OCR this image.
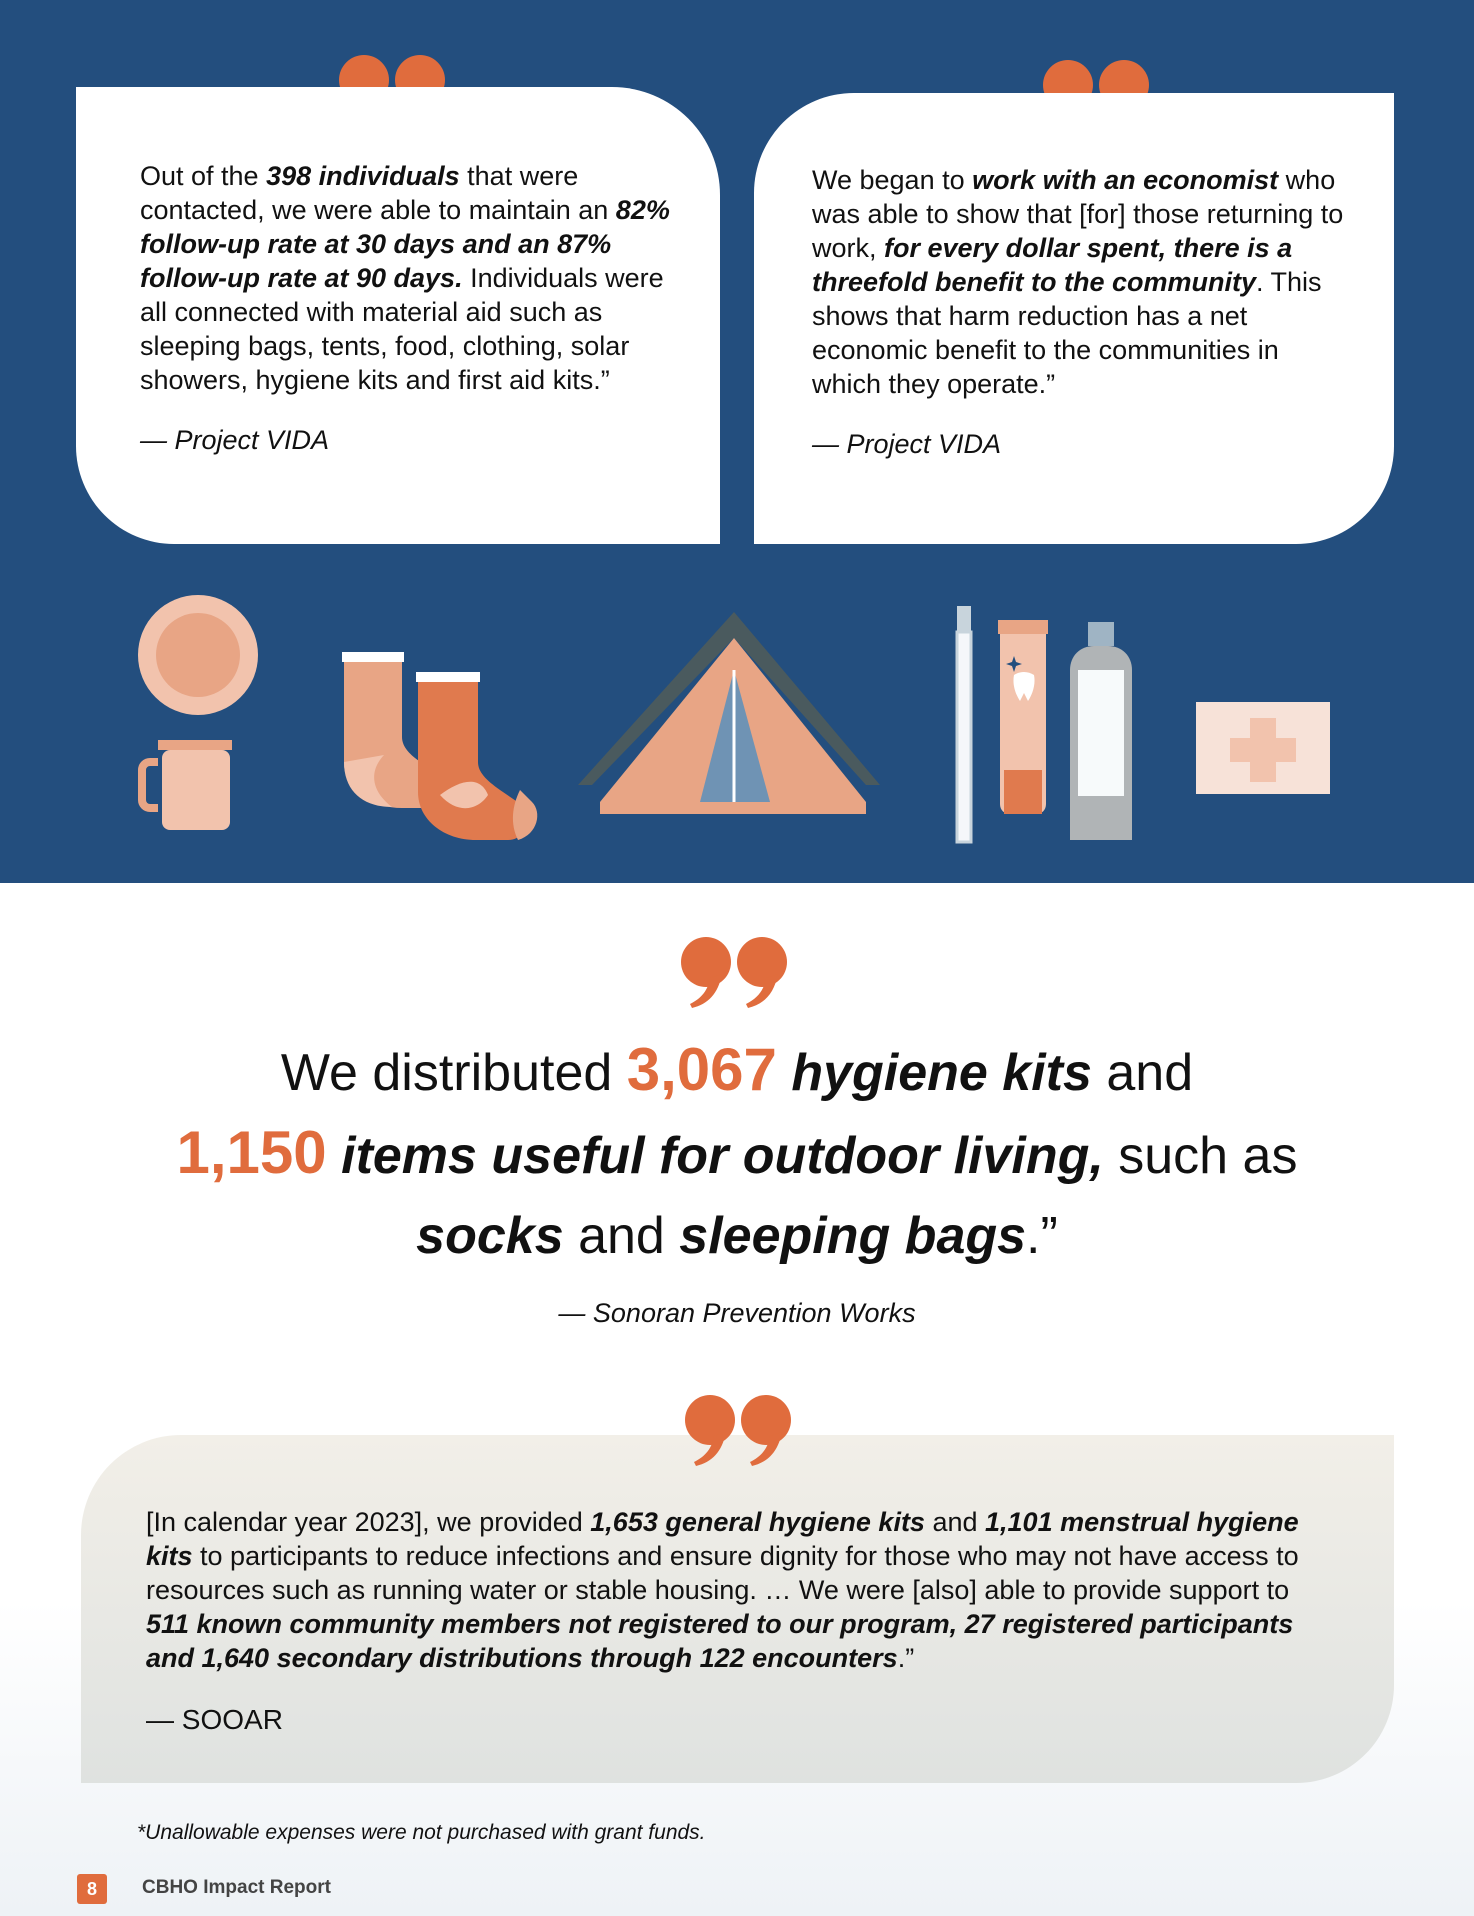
Out of the 398 individuals that were contacted, we were able to maintain an 82% follow-up rate at 30 days and an 87% follow-up rate at 90 days. Individuals were all connected with material aid such as sleeping bags, tents, food, clothing, solar showers, hygiene kits and first aid kits.”
— Project VIDA
We began to work with an economist who was able to show that [for] those returning to work, for every dollar spent, there is a threefold benefit to the community. This shows that harm reduction has a net economic benefit to the communities in which they operate.”
— Project VIDA
We distributed 3,067 hygiene kits and
1,150 items useful for outdoor living, such as
socks and sleeping bags.”
— Sonoran Prevention Works
[In calendar year 2023], we provided 1,653 general hygiene kits and 1,101 menstrual hygiene kits to participants to reduce infections and ensure dignity for those who may not have access to resources such as running water or stable housing. … We were [also] able to provide support to 511 known community members not registered to our program, 27 registered participants and 1,640 secondary distributions through 122 encounters.”
— SOOAR
*Unallowable expenses were not purchased with grant funds.
8	CBHO Impact Report
